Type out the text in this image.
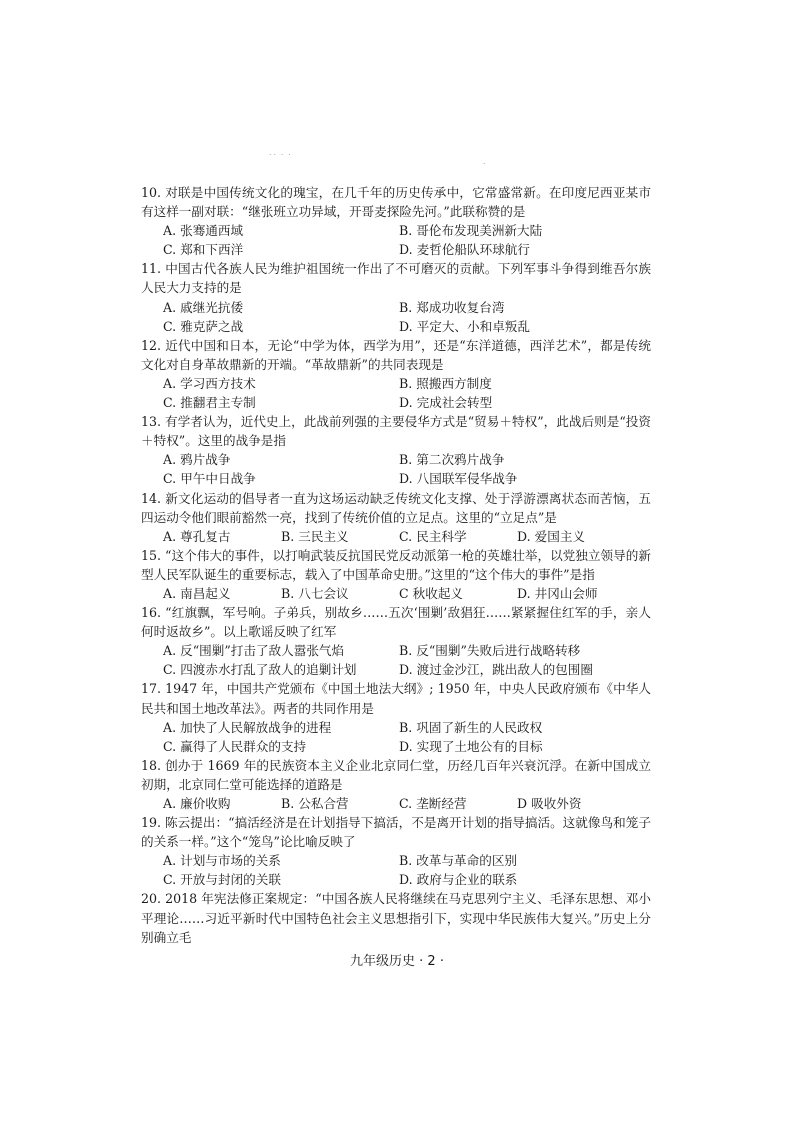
˙˙ ˙ ˙
˙

10. 对联是中国传统文化的瑰宝，在几千年的历史传承中，它常盛常新。在印度尼西亚某市有这样一副对联：“继张班立功异域，开哥麦探险先河。”此联称赞的是

A. 张骞通西域	B. 哥伦布发现美洲新大陆
C. 郑和下西洋	D. 麦哲伦船队环球航行

11. 中国古代各族人民为维护祖国统一作出了不可磨灭的贡献。下列军事斗争得到维吾尔族人民大力支持的是

A. 戚继光抗倭	B. 郑成功收复台湾
C. 雅克萨之战	D. 平定大、小和卓叛乱

12. 近代中国和日本，无论“中学为体，西学为用”，还是“东洋道德，西洋艺术”，都是传统文化对自身革故鼎新的开端。“革故鼎新”的共同表现是

A. 学习西方技术	B. 照搬西方制度
C. 推翻君主专制	D. 完成社会转型

13. 有学者认为，近代史上，此战前列强的主要侵华方式是“贸易＋特权”，此战后则是“投资＋特权”。这里的战争是指

A. 鸦片战争	B. 第二次鸦片战争
C. 甲午中日战争	D. 八国联军侵华战争

14. 新文化运动的倡导者一直为这场运动缺乏传统文化支撑、处于浮游漂离状态而苦恼，五四运动令他们眼前豁然一亮，找到了传统价值的立足点。这里的“立足点”是

A. 尊孔复古	B. 三民主义	C. 民主科学	D. 爱国主义

15. “这个伟大的事件，以打响武装反抗国民党反动派第一枪的英雄壮举，以党独立领导的新型人民军队诞生的重要标志，载入了中国革命史册。”这里的“这个伟大的事件”是指

A. 南昌起义	B. 八七会议	C 秋收起义	D. 井冈山会师

16. “红旗飘，军号响。子弟兵，别故乡……五次‘围剿’敌猖狂……紧紧握住红军的手，亲人何时返故乡”。以上歌谣反映了红军

A. 反“围剿”打击了敌人嚣张气焰	B. 反“围剿”失败后进行战略转移
C. 四渡赤水打乱了敌人的追剿计划	D. 渡过金沙江，跳出敌人的包围圈

17. 1947 年，中国共产党颁布《中国土地法大纲》; 1950 年，中央人民政府颁布《中华人民共和国土地改革法》。两者的共同作用是

A. 加快了人民解放战争的进程	B. 巩固了新生的人民政权
C. 赢得了人民群众的支持	D. 实现了土地公有的目标

18. 创办于 1669 年的民族资本主义企业北京同仁堂，历经几百年兴衰沉浮。在新中国成立初期，北京同仁堂可能选择的道路是

A. 廉价收购	B. 公私合营	C. 垄断经营	D 吸收外资

19. 陈云提出：“搞活经济是在计划指导下搞活，不是离开计划的指导搞活。这就像鸟和笼子的关系一样。”这个“笼鸟”论比喻反映了

A. 计划与市场的关系	B. 改革与革命的区别
C. 开放与封闭的关联	D. 政府与企业的联系

20. 2018 年宪法修正案规定：“中国各族人民将继续在马克思列宁主义、毛泽东思想、邓小平理论……习近平新时代中国特色社会主义思想指引下，实现中华民族伟大复兴。”历史上分别确立毛

九年级历史 · 2 ·
